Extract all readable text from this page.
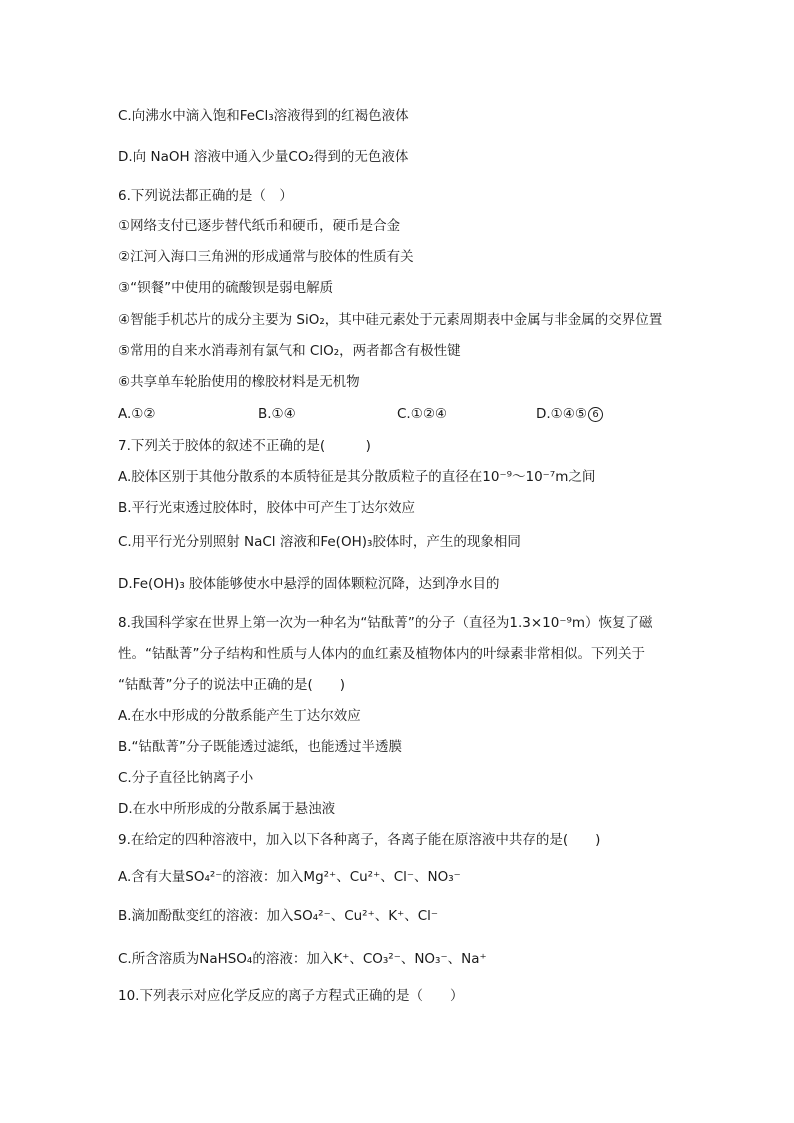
C.向沸水中滴入饱和FeCl₃溶液得到的红褐色液体
D.向 NaOH 溶液中通入少量CO₂得到的无色液体
6.下列说法都正确的是（　）
①网络支付已逐步替代纸币和硬币，硬币是合金
②江河入海口三角洲的形成通常与胶体的性质有关
③“钡餐”中使用的硫酸钡是弱电解质
④智能手机芯片的成分主要为 SiO₂，其中硅元素处于元素周期表中金属与非金属的交界位置
⑤常用的自来水消毒剂有氯气和 ClO₂，两者都含有极性键
⑥共享单车轮胎使用的橡胶材料是无机物
A.①②	B.①④	C.①②④	D.①④⑤ 6
7.下列关于胶体的叙述不正确的是(　　　)
A.胶体区别于其他分散系的本质特征是其分散质粒子的直径在10⁻⁹～10⁻⁷m之间
B.平行光束透过胶体时，胶体中可产生丁达尔效应
C.用平行光分别照射 NaCl 溶液和Fe(OH)₃胶体时，产生的现象相同
D.Fe(OH)₃ 胶体能够使水中悬浮的固体颗粒沉降，达到净水目的
8.我国科学家在世界上第一次为一种名为“钴酞菁”的分子（直径为1.3×10⁻⁹m）恢复了磁
性。“钴酞菁”分子结构和性质与人体内的血红素及植物体内的叶绿素非常相似。下列关于
“钴酞菁”分子的说法中正确的是(　　)
A.在水中形成的分散系能产生丁达尔效应
B.“钴酞菁”分子既能透过滤纸，也能透过半透膜
C.分子直径比钠离子小
D.在水中所形成的分散系属于悬浊液
9.在给定的四种溶液中，加入以下各种离子，各离子能在原溶液中共存的是(　　)
A.含有大量SO₄²⁻的溶液：加入Mg²⁺、Cu²⁺、Cl⁻、NO₃⁻
B.滴加酚酞变红的溶液：加入SO₄²⁻、Cu²⁺、K⁺、Cl⁻
C.所含溶质为NaHSO₄的溶液：加入K⁺、CO₃²⁻、NO₃⁻、Na⁺
10.下列表示对应化学反应的离子方程式正确的是（　　）
